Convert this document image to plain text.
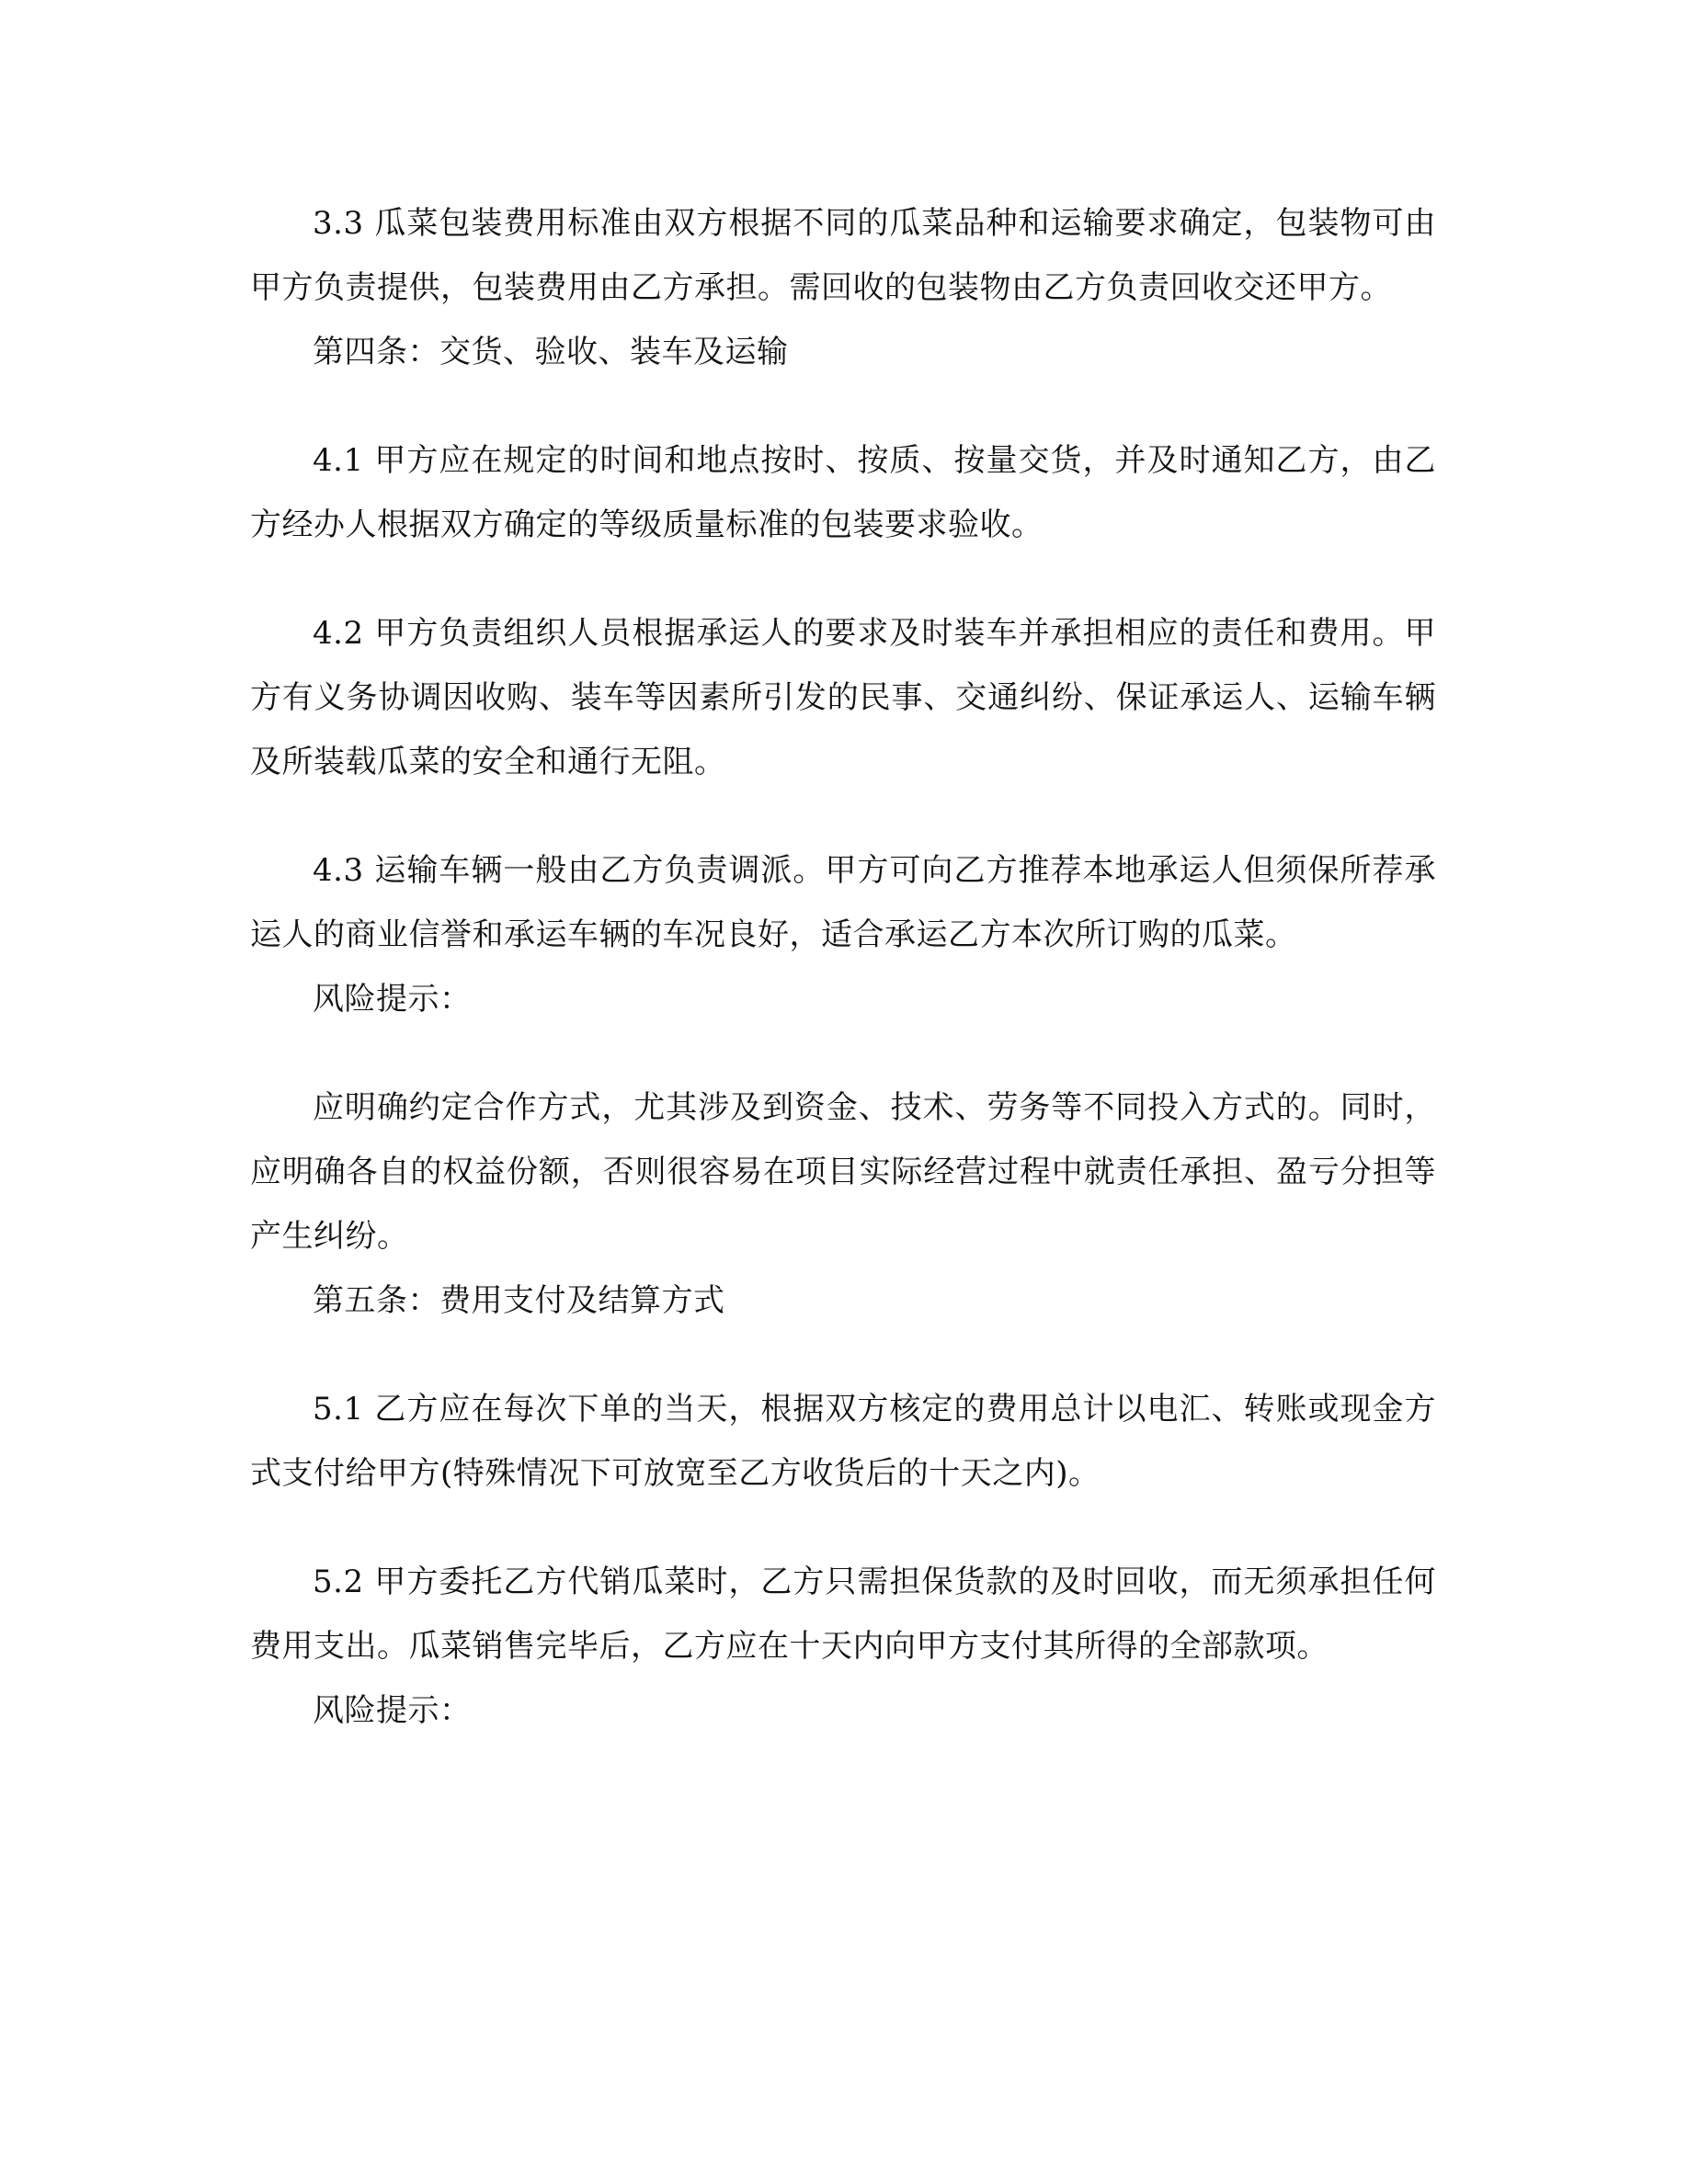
3.3 瓜菜包装费用标准由双方根据不同的瓜菜品种和运输要求确定，包装物可由甲方负责提供，包装费用由乙方承担。需回收的包装物由乙方负责回收交还甲方。

第四条：交货、验收、装车及运输

4.1 甲方应在规定的时间和地点按时、按质、按量交货，并及时通知乙方，由乙方经办人根据双方确定的等级质量标准的包装要求验收。

4.2 甲方负责组织人员根据承运人的要求及时装车并承担相应的责任和费用。甲方有义务协调因收购、装车等因素所引发的民事、交通纠纷、保证承运人、运输车辆及所装载瓜菜的安全和通行无阻。

4.3 运输车辆一般由乙方负责调派。甲方可向乙方推荐本地承运人但须保所荐承运人的商业信誉和承运车辆的车况良好，适合承运乙方本次所订购的瓜菜。

风险提示：

应明确约定合作方式，尤其涉及到资金、技术、劳务等不同投入方式的。同时，应明确各自的权益份额，否则很容易在项目实际经营过程中就责任承担、盈亏分担等产生纠纷。

第五条：费用支付及结算方式

5.1 乙方应在每次下单的当天，根据双方核定的费用总计以电汇、转账或现金方式支付给甲方(特殊情况下可放宽至乙方收货后的十天之内)。

5.2 甲方委托乙方代销瓜菜时，乙方只需担保货款的及时回收，而无须承担任何费用支出。瓜菜销售完毕后，乙方应在十天内向甲方支付其所得的全部款项。

风险提示：
